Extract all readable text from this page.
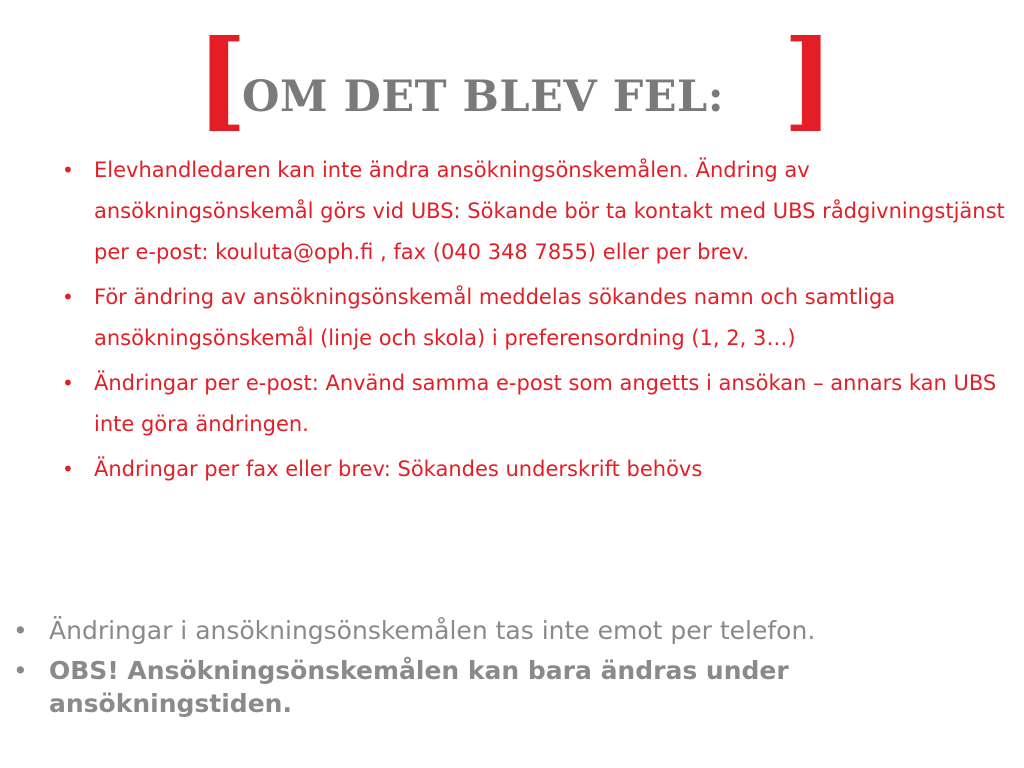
[
OM DET BLEV FEL: ]
• Elevhandledaren kan inte ändra ansökningsönskemålen. Ändring av ansökningsönskemål görs vid UBS: Sökande bör ta kontakt med UBS rådgivningstjänst per e-post: kouluta@oph.fi , fax (040 348 7855) eller per brev.
• För ändring av ansökningsönskemål meddelas sökandes namn och samtliga ansökningsönskemål (linje och skola) i preferensordning (1, 2, 3…)
• Ändringar per e-post: Använd samma e-post som angetts i ansökan – annars kan UBS inte göra ändringen.
• Ändringar per fax eller brev: Sökandes underskrift behövs
• Ändringar i ansökningsönskemålen tas inte emot per telefon.
• OBS! Ansökningsönskemålen kan bara ändras under ansökningstiden.
